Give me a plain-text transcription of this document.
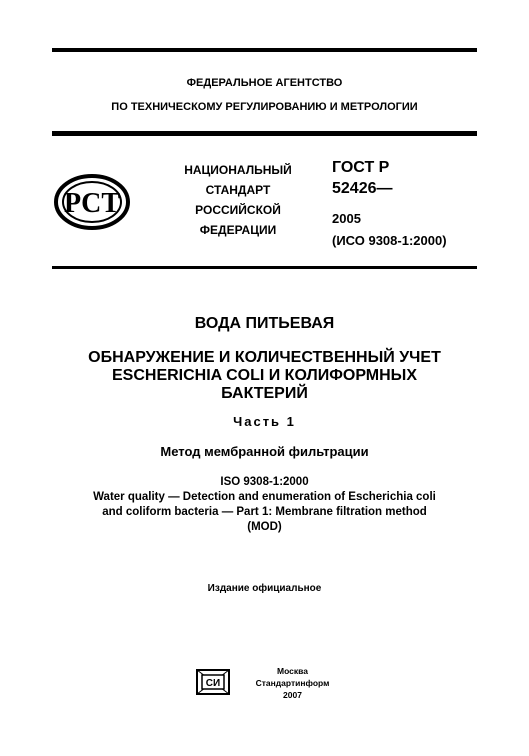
ФЕДЕРАЛЬНОЕ АГЕНТСТВО
ПО ТЕХНИЧЕСКОМУ РЕГУЛИРОВАНИЮ И МЕТРОЛОГИИ
PCT
НАЦИОНАЛЬНЫЙ
СТАНДАРТ
РОССИЙСКОЙ
ФЕДЕРАЦИИ
ГОСТ Р
52426—
2005
(ИСО 9308-1:2000)
ВОДА ПИТЬЕВАЯ
ОБНАРУЖЕНИЕ И КОЛИЧЕСТВЕННЫЙ УЧЕТ
ESCHERICHIA COLI И КОЛИФОРМНЫХ
БАКТЕРИЙ
Часть 1
Метод мембранной фильтрации
ISO 9308-1:2000
Water quality — Detection and enumeration of Escherichia coli
and coliform bacteria — Part 1: Membrane filtration method
(MOD)
Издание официальное
СИ
Москва
Стандартинформ
2007
